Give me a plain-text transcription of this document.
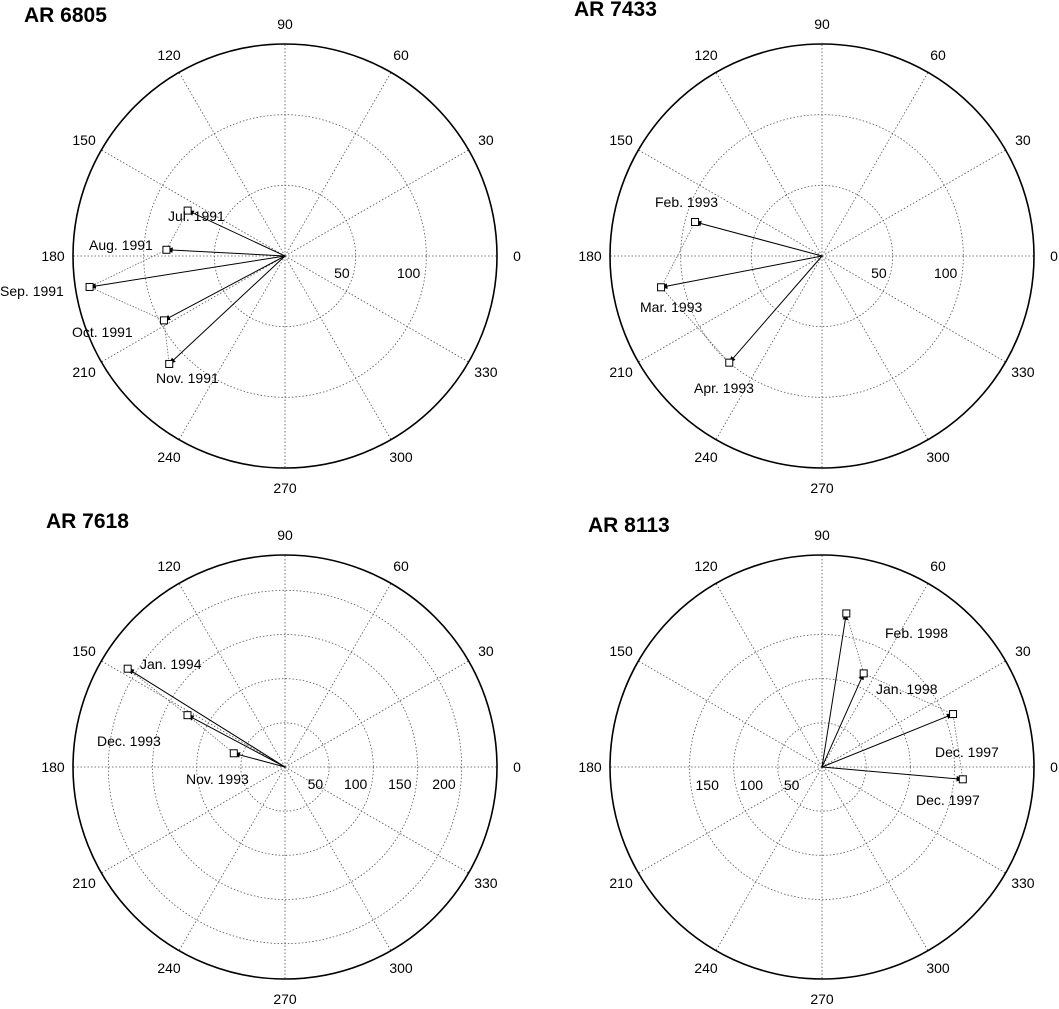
AR 6805
0
30
60
90
120
150
180
210
240
270
300
330
50	100
Jul. 1991
Aug. 1991
Sep. 1991
Oct. 1991
Nov. 1991
AR 7433
0
30
60
90
120
150
180
210
240
270
300
330
50	100
Feb. 1993
Mar. 1993
Apr. 1993
AR 7618
0
30
60
90
120
150
180
210
240
270
300
330
50 100 150 200
Jan. 1994
Dec. 1993
Nov. 1993
AR 8113
0
30
60
90
120
150
180
210
240
270
300
330
150 100 50
Feb. 1998
Jan. 1998
Dec. 1997
Dec. 1997
